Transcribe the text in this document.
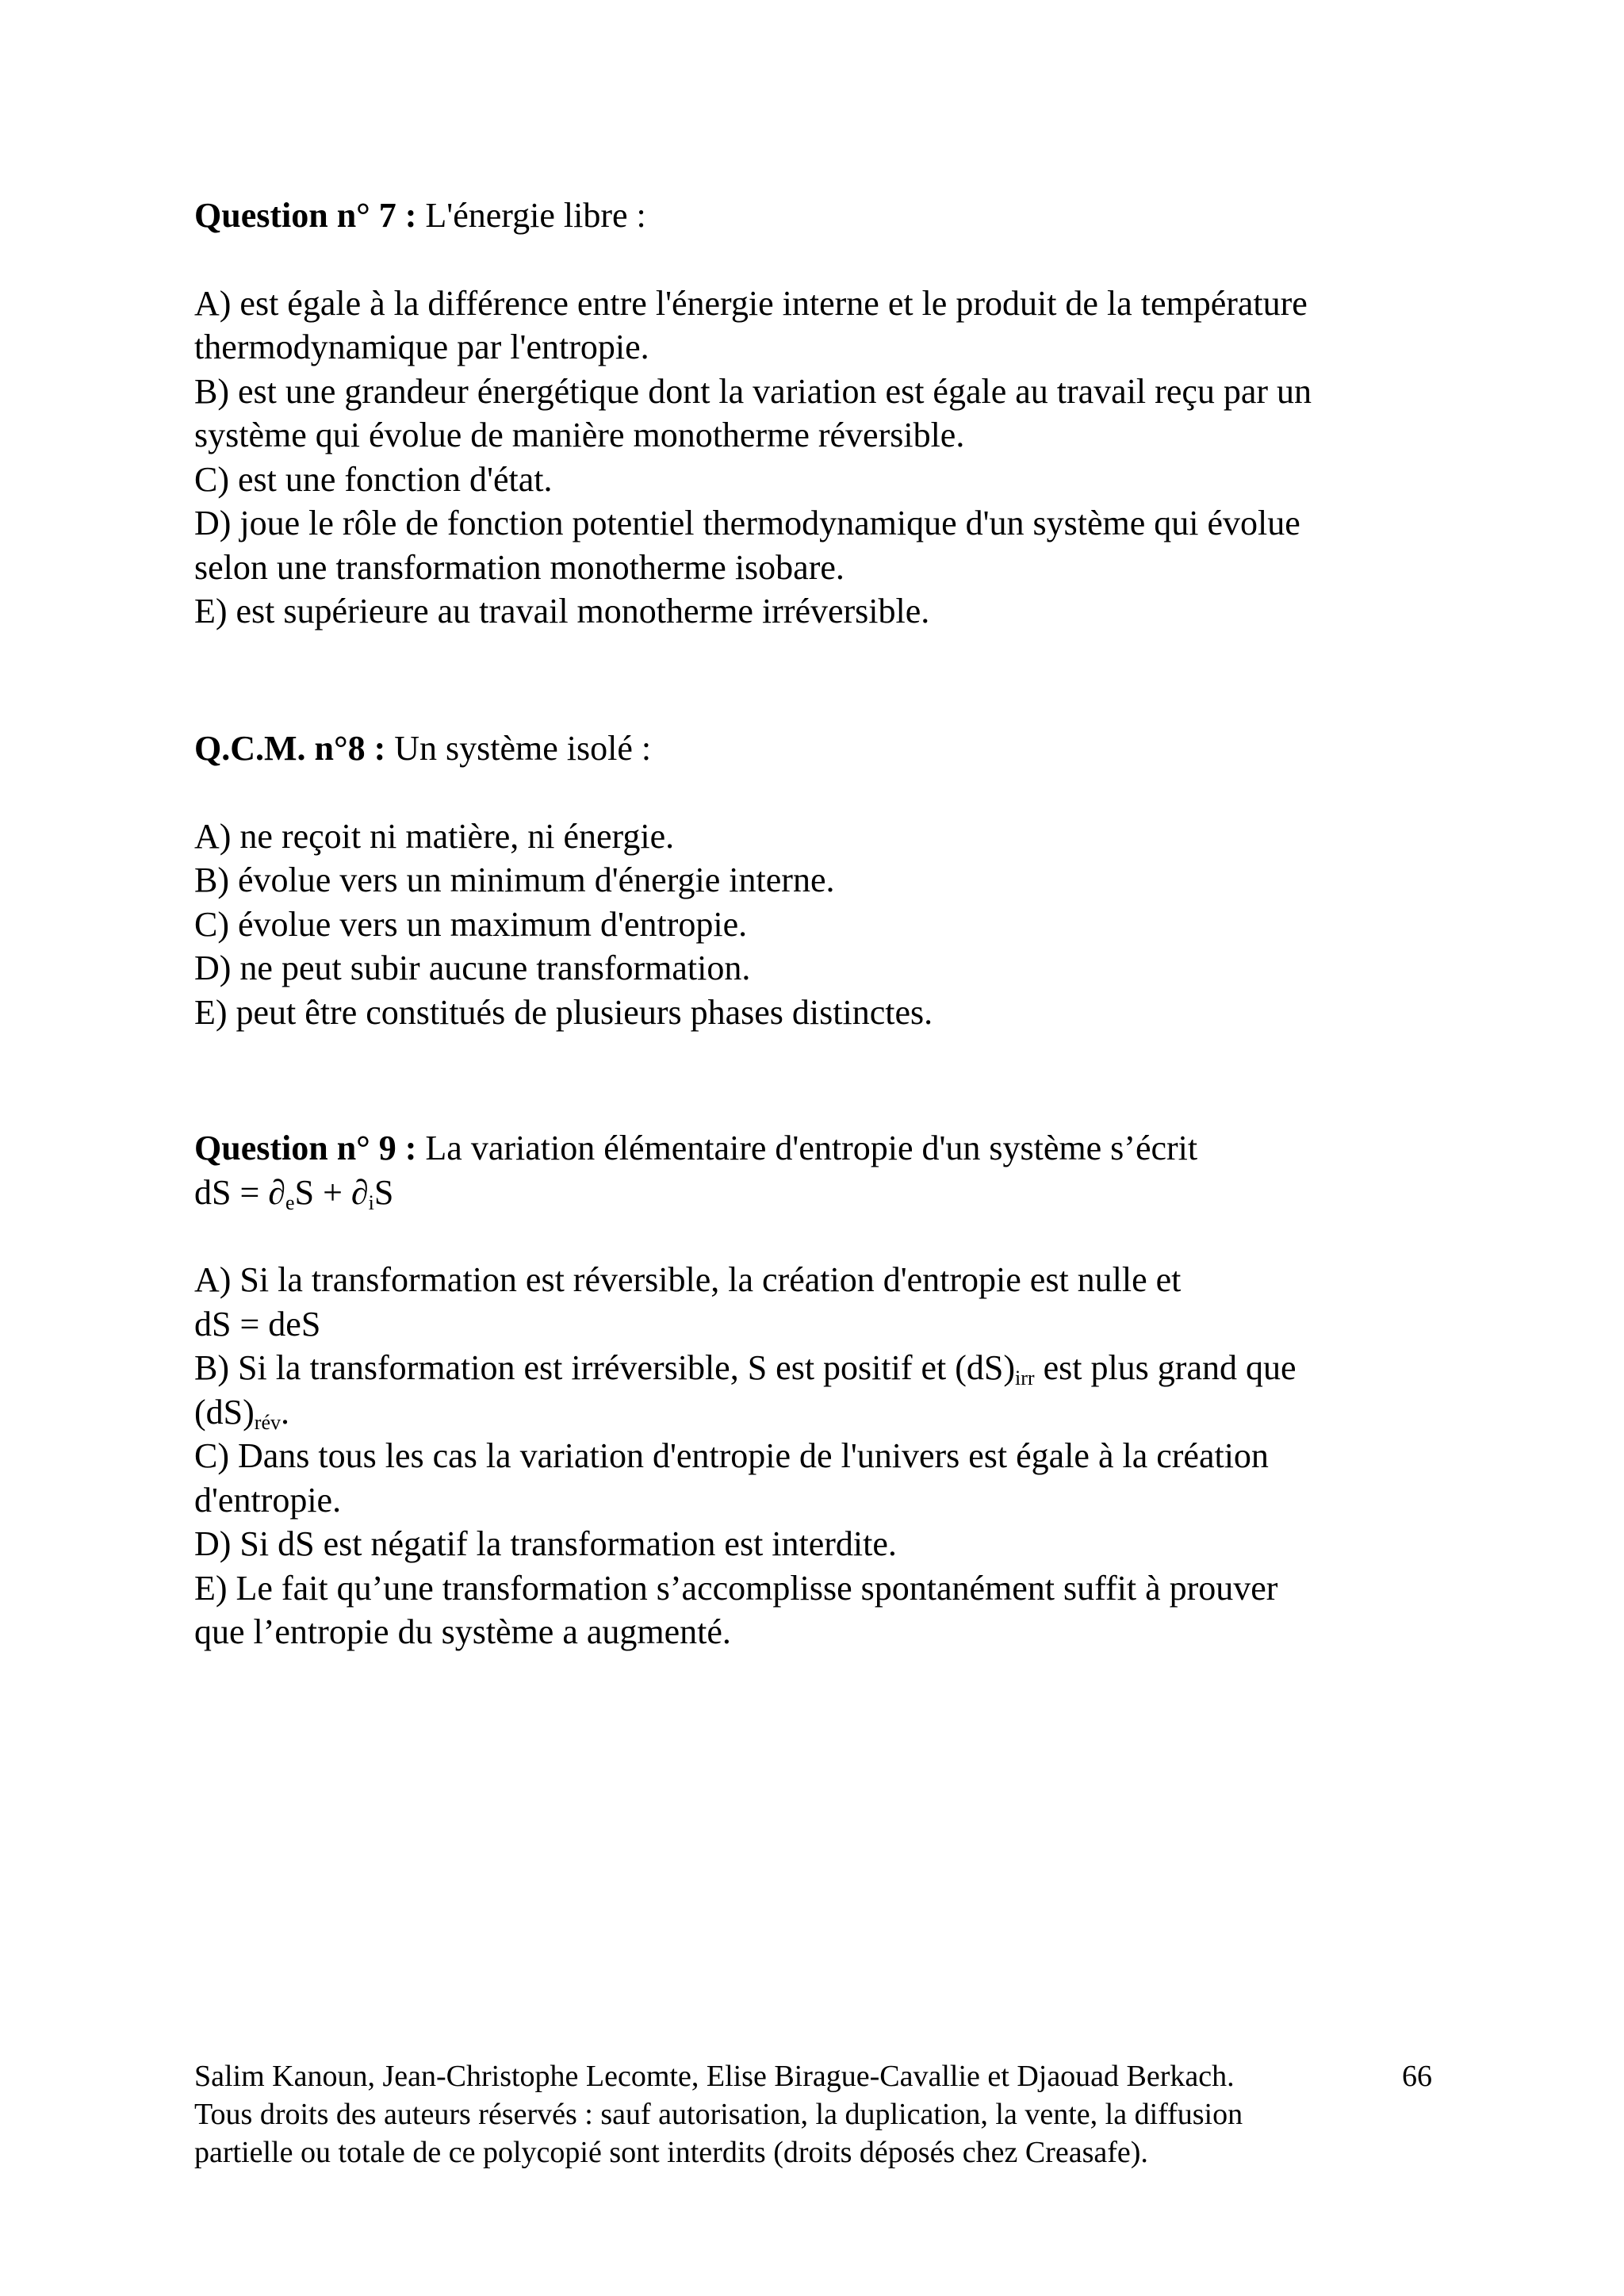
Question n° 7 : L'énergie libre :
A) est égale à la différence entre l'énergie interne et le produit de la température
thermodynamique par l'entropie.
B) est une grandeur énergétique dont la variation est égale au travail reçu par un
système qui évolue de manière monotherme réversible.
C) est une fonction d'état.
D) joue le rôle de fonction potentiel thermodynamique d'un système qui évolue
selon une transformation monotherme isobare.
E) est supérieure au travail monotherme irréversible.
Q.C.M. n°8 : Un système isolé :
A) ne reçoit ni matière, ni énergie.
B) évolue vers un minimum d'énergie interne.
C) évolue vers un maximum d'entropie.
D) ne peut subir aucune transformation.
E) peut être constitués de plusieurs phases distinctes.
Question n° 9 : La variation élémentaire d'entropie d'un système s’écrit
dS = $\partial_eS + \partial_iS$
A) Si la transformation est réversible, la création d'entropie est nulle et
dS = deS
B) Si la transformation est irréversible, S est positif et $(dS)_{irr}$ est plus grand que
$(dS)_{rév}$.
C) Dans tous les cas la variation d'entropie de l'univers est égale à la création
d'entropie.
D) Si dS est négatif la transformation est interdite.
E) Le fait qu’une transformation s’accomplisse spontanément suffit à prouver
que l’entropie du système a augmenté.
Salim Kanoun, Jean-Christophe Lecomte, Elise Birague-Cavallie et Djaouad Berkach.
Tous droits des auteurs réservés : sauf autorisation, la duplication, la vente, la diffusion
partielle ou totale de ce polycopié sont interdits (droits déposés chez Creasafe).
66
